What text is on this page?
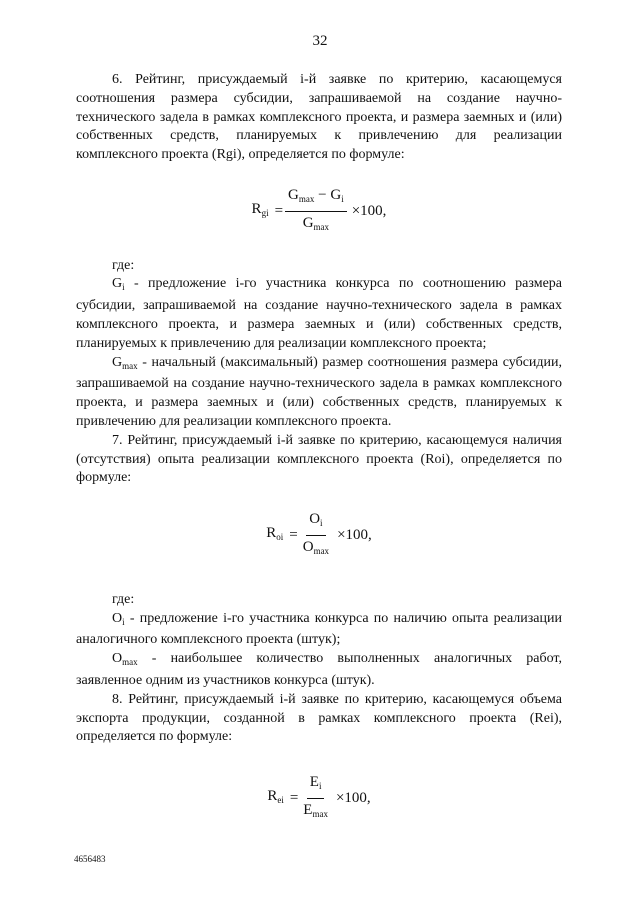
32

6. Рейтинг, присуждаемый i-й заявке по критерию, касающемуся соотношения размера субсидии, запрашиваемой на создание научно-технического задела в рамках комплексного проекта, и размера заемных и (или) собственных средств, планируемых к привлечению для реализации комплексного проекта (Rgi), определяется по формуле:

$R_{gi} = \frac{G_{max} - G_i}{G_{max}} \times 100$,

где:

$G_i$ - предложение i-го участника конкурса по соотношению размера субсидии, запрашиваемой на создание научно-технического задела в рамках комплексного проекта, и размера заемных и (или) собственных средств, планируемых к привлечению для реализации комплексного проекта;

$G_{max}$ - начальный (максимальный) размер соотношения размера субсидии, запрашиваемой на создание научно-технического задела в рамках комплексного проекта, и размера заемных и (или) собственных средств, планируемых к привлечению для реализации комплексного проекта.

7. Рейтинг, присуждаемый i-й заявке по критерию, касающемуся наличия (отсутствия) опыта реализации комплексного проекта (Roi), определяется по формуле:

$R_{oi} = \frac{O_i}{O_{max}} \times 100$,

где:

$O_i$ - предложение i-го участника конкурса по наличию опыта реализации аналогичного комплексного проекта (штук);

$O_{max}$ - наибольшее количество выполненных аналогичных работ, заявленное одним из участников конкурса (штук).

8. Рейтинг, присуждаемый i-й заявке по критерию, касающемуся объема экспорта продукции, созданной в рамках комплексного проекта (Rei), определяется по формуле:

$R_{ei} = \frac{E_i}{E_{max}} \times 100$,
4656483
